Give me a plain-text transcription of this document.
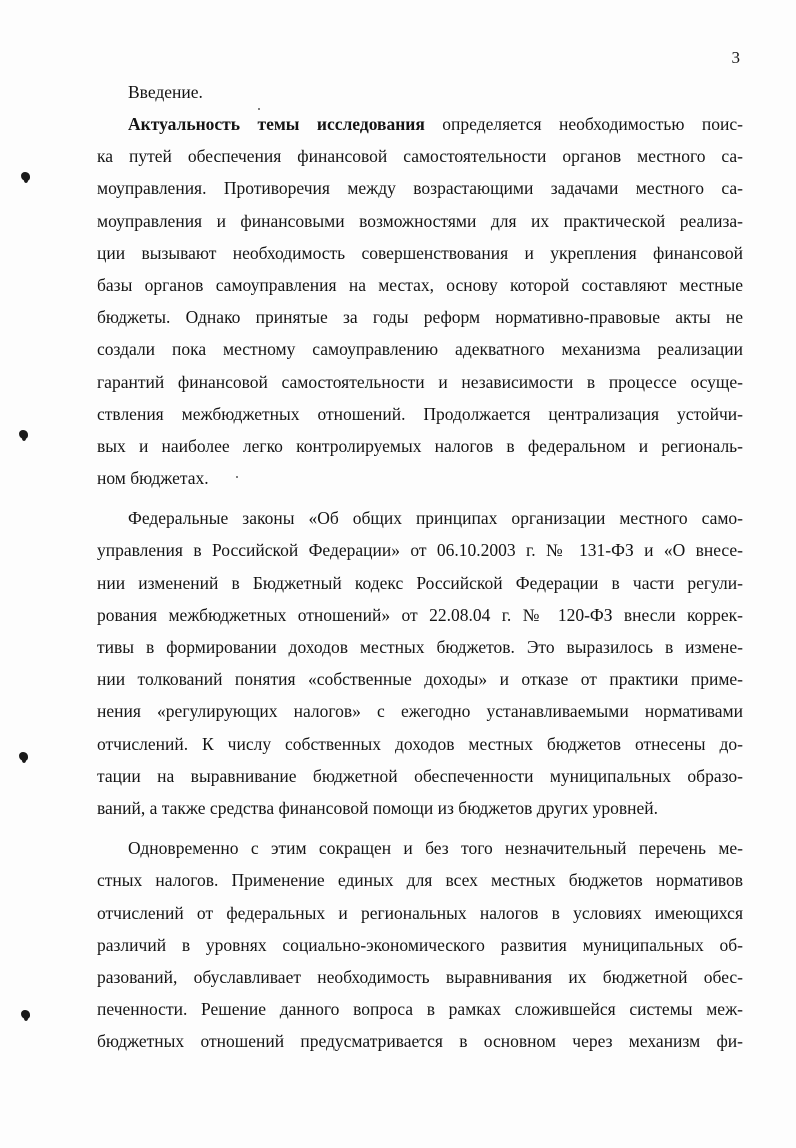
3
Введение.
Актуальность темы исследования определяется необходимостью поис-
ка путей обеспечения финансовой самостоятельности органов местного са-
моуправления. Противоречия между возрастающими задачами местного са-
моуправления и финансовыми возможностями для их практической реализа-
ции вызывают необходимость совершенствования и укрепления финансовой
базы органов самоуправления на местах, основу которой составляют местные
бюджеты. Однако принятые за годы реформ нормативно-правовые акты не
создали пока местному самоуправлению адекватного механизма реализации
гарантий финансовой самостоятельности и независимости в процессе осуще-
ствления межбюджетных отношений. Продолжается централизация устойчи-
вых и наиболее легко контролируемых налогов в федеральном и региональ-
ном бюджетах.
Федеральные законы «Об общих принципах организации местного само-
управления в Российской Федерации» от 06.10.2003 г. № 131-ФЗ и «О внесе-
нии изменений в Бюджетный кодекс Российской Федерации в части регули-
рования межбюджетных отношений» от 22.08.04 г. № 120-ФЗ внесли коррек-
тивы в формировании доходов местных бюджетов. Это выразилось в измене-
нии толкований понятия «собственные доходы» и отказе от практики приме-
нения «регулирующих налогов» с ежегодно устанавливаемыми нормативами
отчислений. К числу собственных доходов местных бюджетов отнесены до-
тации на выравнивание бюджетной обеспеченности муниципальных образо-
ваний, а также средства финансовой помощи из бюджетов других уровней.
Одновременно с этим сокращен и без того незначительный перечень ме-
стных налогов. Применение единых для всех местных бюджетов нормативов
отчислений от федеральных и региональных налогов в условиях имеющихся
различий в уровнях социально-экономического развития муниципальных об-
разований, обуславливает необходимость выравнивания их бюджетной обес-
печенности. Решение данного вопроса в рамках сложившейся системы меж-
бюджетных отношений предусматривается в основном через механизм фи-
